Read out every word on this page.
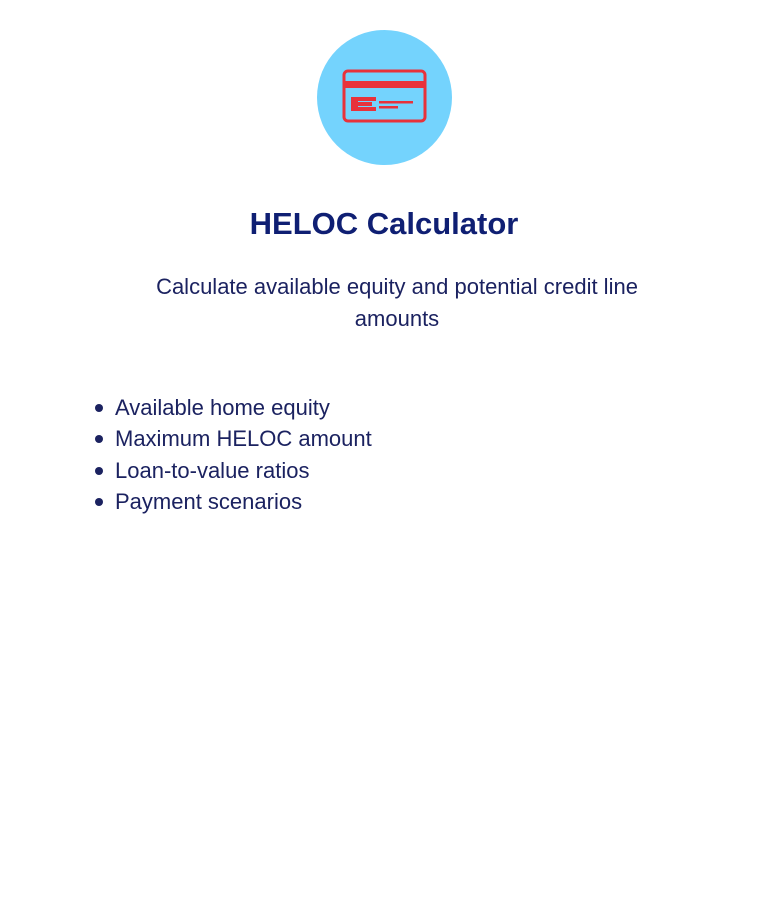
HELOC Calculator

Calculate available equity and potential credit line amounts

Available home equity
Maximum HELOC amount
Loan-to-value ratios
Payment scenarios
